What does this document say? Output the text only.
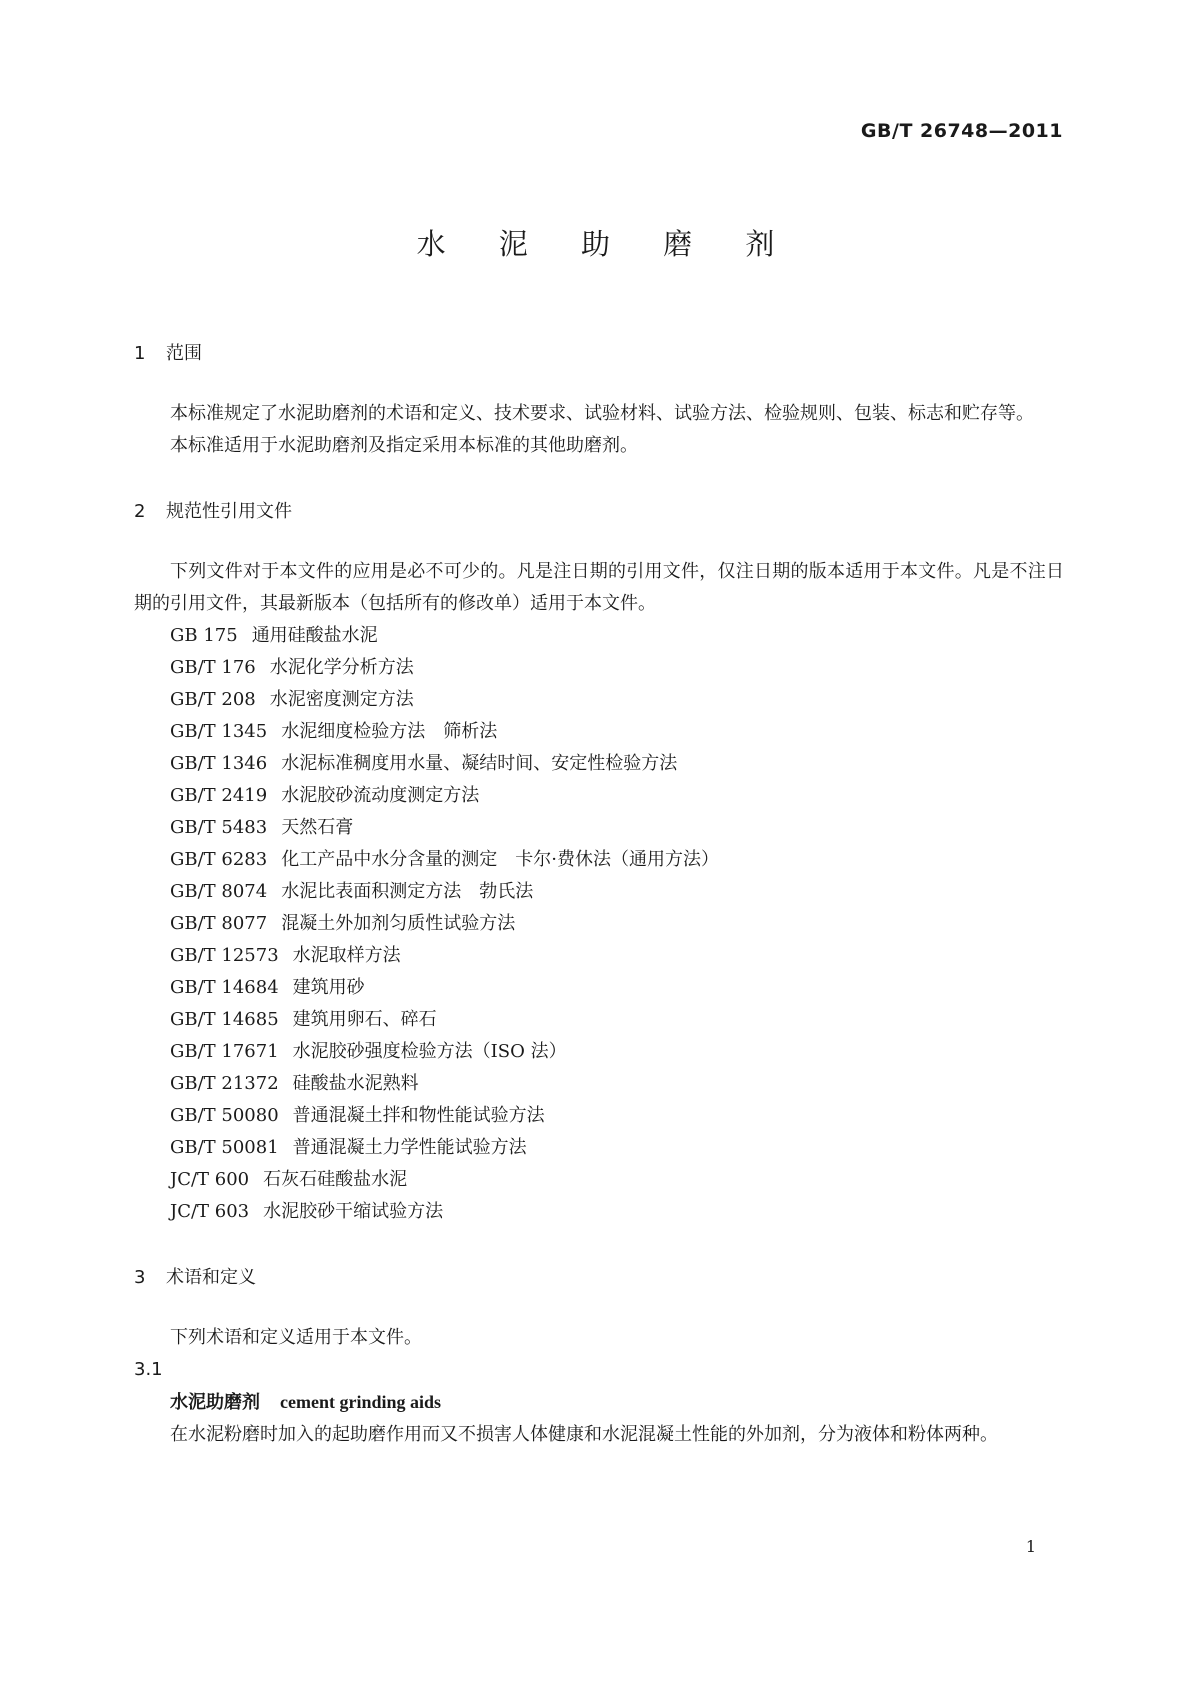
GB/T 26748—2011
水 泥 助 磨 剂
1 范围

本标准规定了水泥助磨剂的术语和定义、技术要求、试验材料、试验方法、检验规则、包装、标志和贮存等。

本标准适用于水泥助磨剂及指定采用本标准的其他助磨剂。

2 规范性引用文件

下列文件对于本文件的应用是必不可少的。凡是注日期的引用文件，仅注日期的版本适用于本文件。凡是不注日期的引用文件，其最新版本（包括所有的修改单）适用于本文件。

GB 175 通用硅酸盐水泥
GB/T 176 水泥化学分析方法
GB/T 208 水泥密度测定方法
GB/T 1345 水泥细度检验方法　筛析法
GB/T 1346 水泥标准稠度用水量、凝结时间、安定性检验方法
GB/T 2419 水泥胶砂流动度测定方法
GB/T 5483 天然石膏
GB/T 6283 化工产品中水分含量的测定　卡尔·费休法（通用方法）
GB/T 8074 水泥比表面积测定方法　勃氏法
GB/T 8077 混凝土外加剂匀质性试验方法
GB/T 12573 水泥取样方法
GB/T 14684 建筑用砂
GB/T 14685 建筑用卵石、碎石
GB/T 17671 水泥胶砂强度检验方法（ISO 法）
GB/T 21372 硅酸盐水泥熟料
GB/T 50080 普通混凝土拌和物性能试验方法
GB/T 50081 普通混凝土力学性能试验方法
JC/T 600 石灰石硅酸盐水泥
JC/T 603 水泥胶砂干缩试验方法
3 术语和定义

下列术语和定义适用于本文件。

3.1

水泥助磨剂 cement grinding aids

在水泥粉磨时加入的起助磨作用而又不损害人体健康和水泥混凝土性能的外加剂，分为液体和粉体两种。

1
